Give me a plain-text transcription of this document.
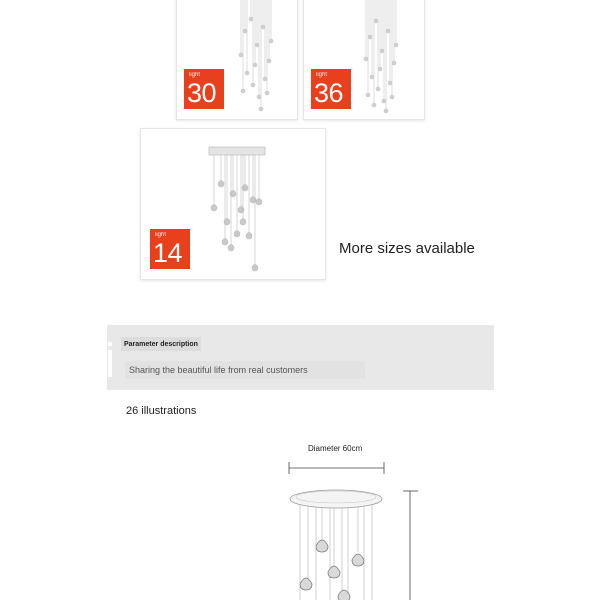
light
30
light
36
light
14	More sizes available
Parameter description
Sharing the beautiful life from real customers
26 illustrations
Diameter 60cm
